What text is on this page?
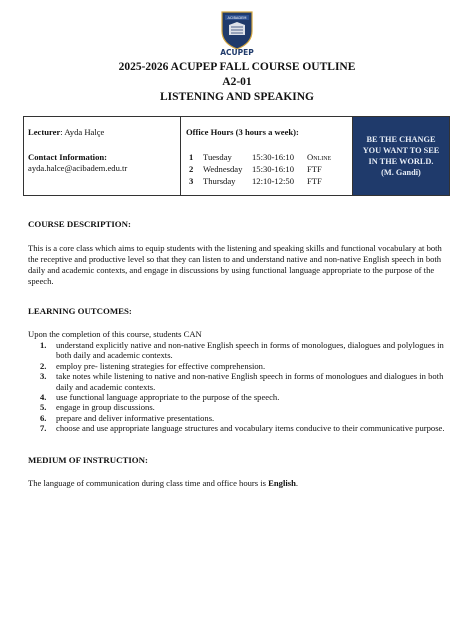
ACIBADEM
ACUPEP
2025-2026 ACUPEP FALL COURSE OUTLINE
A2-01
LISTENING AND SPEAKING
Lecturer: Ayda Halçe
Contact Information:
ayda.halce@acibadem.edu.tr
Office Hours (3 hours a week):
1 Tuesday 15:30-16:10 Online
2 Wednesday 15:30-16:10 FTF
3 Thursday 12:10-12:50 FTF
BE THE CHANGE YOU WANT TO SEE IN THE WORLD.
(M. Gandi)
COURSE DESCRIPTION:
This is a core class which aims to equip students with the listening and speaking skills and functional vocabulary at both the receptive and productive level so that they can listen to and understand native and non-native English speech in both daily and academic contexts, and engage in discussions by using functional language appropriate to the purpose of the speech.
LEARNING OUTCOMES:
Upon the completion of this course, students CAN
1. understand explicitly native and non-native English speech in forms of monologues, dialogues and polylogues in both daily and academic contexts.
2. employ pre- listening strategies for effective comprehension.
3. take notes while listening to native and non-native English speech in forms of monologues and dialogues in both daily and academic contexts.
4. use functional language appropriate to the purpose of the speech.
5. engage in group discussions.
6. prepare and deliver informative presentations.
7. choose and use appropriate language structures and vocabulary items conducive to their communicative purpose.
MEDIUM OF INSTRUCTION:
The language of communication during class time and office hours is English.
